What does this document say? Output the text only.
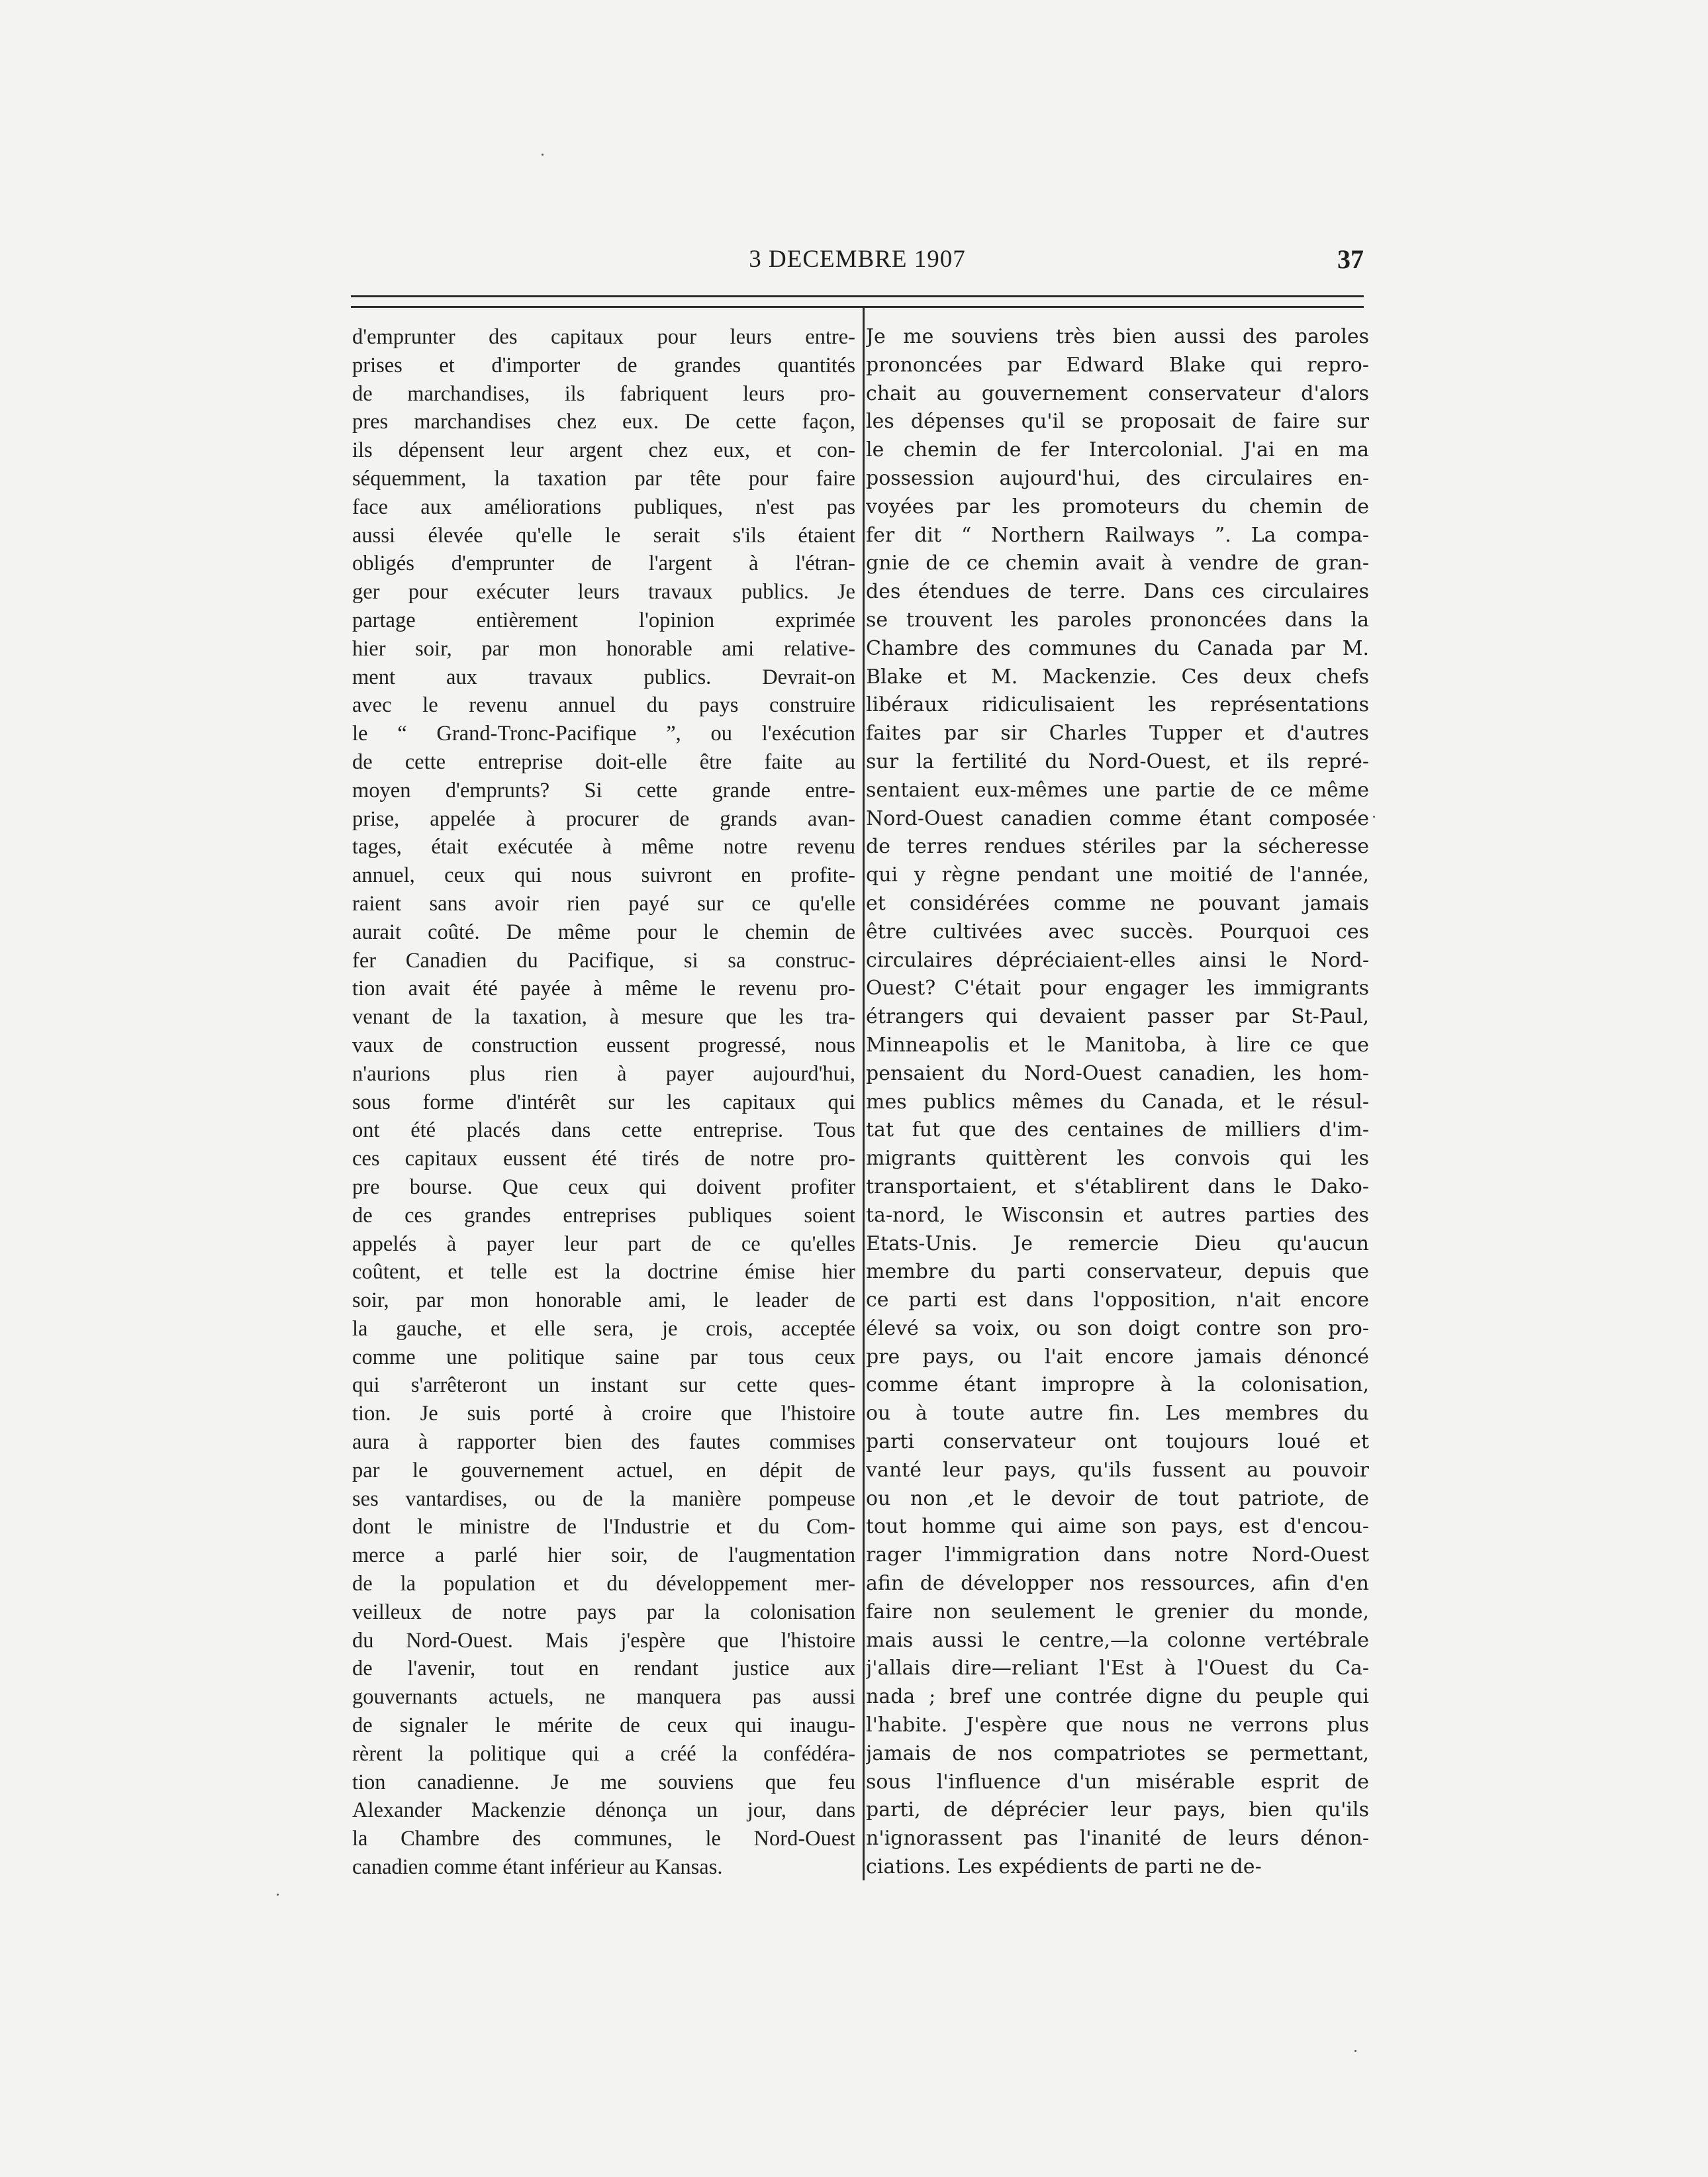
3 DECEMBRE 1907	37
d'emprunter des capitaux pour leurs entre-
prises et d'importer de grandes quantités
de marchandises, ils fabriquent leurs pro-
pres marchandises chez eux. De cette façon,
ils dépensent leur argent chez eux, et con-
séquemment, la taxation par tête pour faire
face aux améliorations publiques, n'est pas
aussi élevée qu'elle le serait s'ils étaient
obligés d'emprunter de l'argent à l'étran-
ger pour exécuter leurs travaux publics. Je
partage entièrement l'opinion exprimée
hier soir, par mon honorable ami relative-
ment aux travaux publics. Devrait-on
avec le revenu annuel du pays construire
le “ Grand-Tronc-Pacifique ”, ou l'exécution
de cette entreprise doit-elle être faite au
moyen d'emprunts? Si cette grande entre-
prise, appelée à procurer de grands avan-
tages, était exécutée à même notre revenu
annuel, ceux qui nous suivront en profite-
raient sans avoir rien payé sur ce qu'elle
aurait coûté. De même pour le chemin de
fer Canadien du Pacifique, si sa construc-
tion avait été payée à même le revenu pro-
venant de la taxation, à mesure que les tra-
vaux de construction eussent progressé, nous
n'aurions plus rien à payer aujourd'hui,
sous forme d'intérêt sur les capitaux qui
ont été placés dans cette entreprise. Tous
ces capitaux eussent été tirés de notre pro-
pre bourse. Que ceux qui doivent profiter
de ces grandes entreprises publiques soient
appelés à payer leur part de ce qu'elles
coûtent, et telle est la doctrine émise hier
soir, par mon honorable ami, le leader de
la gauche, et elle sera, je crois, acceptée
comme une politique saine par tous ceux
qui s'arrêteront un instant sur cette ques-
tion. Je suis porté à croire que l'histoire
aura à rapporter bien des fautes commises
par le gouvernement actuel, en dépit de
ses vantardises, ou de la manière pompeuse
dont le ministre de l'Industrie et du Com-
merce a parlé hier soir, de l'augmentation
de la population et du développement mer-
veilleux de notre pays par la colonisation
du Nord-Ouest. Mais j'espère que l'histoire
de l'avenir, tout en rendant justice aux
gouvernants actuels, ne manquera pas aussi
de signaler le mérite de ceux qui inaugu-
rèrent la politique qui a créé la confédéra-
tion canadienne. Je me souviens que feu
Alexander Mackenzie dénonça un jour, dans
la Chambre des communes, le Nord-Ouest
canadien comme étant inférieur au Kansas.
Je me souviens très bien aussi des paroles
prononcées par Edward Blake qui repro-
chait au gouvernement conservateur d'alors
les dépenses qu'il se proposait de faire sur
le chemin de fer Intercolonial. J'ai en ma
possession aujourd'hui, des circulaires en-
voyées par les promoteurs du chemin de
fer dit “ Northern Railways ”. La compa-
gnie de ce chemin avait à vendre de gran-
des étendues de terre. Dans ces circulaires
se trouvent les paroles prononcées dans la
Chambre des communes du Canada par M.
Blake et M. Mackenzie. Ces deux chefs
libéraux ridiculisaient les représentations
faites par sir Charles Tupper et d'autres
sur la fertilité du Nord-Ouest, et ils repré-
sentaient eux-mêmes une partie de ce même
Nord-Ouest canadien comme étant composée
de terres rendues stériles par la sécheresse
qui y règne pendant une moitié de l'année,
et considérées comme ne pouvant jamais
être cultivées avec succès. Pourquoi ces
circulaires dépréciaient-elles ainsi le Nord-
Ouest? C'était pour engager les immigrants
étrangers qui devaient passer par St-Paul,
Minneapolis et le Manitoba, à lire ce que
pensaient du Nord-Ouest canadien, les hom-
mes publics mêmes du Canada, et le résul-
tat fut que des centaines de milliers d'im-
migrants quittèrent les convois qui les
transportaient, et s'établirent dans le Dako-
ta-nord, le Wisconsin et autres parties des
Etats-Unis. Je remercie Dieu qu'aucun
membre du parti conservateur, depuis que
ce parti est dans l'opposition, n'ait encore
élevé sa voix, ou son doigt contre son pro-
pre pays, ou l'ait encore jamais dénoncé
comme étant impropre à la colonisation,
ou à toute autre fin. Les membres du
parti conservateur ont toujours loué et
vanté leur pays, qu'ils fussent au pouvoir
ou non ,et le devoir de tout patriote, de
tout homme qui aime son pays, est d'encou-
rager l'immigration dans notre Nord-Ouest
afin de développer nos ressources, afin d'en
faire non seulement le grenier du monde,
mais aussi le centre,—la colonne vertébrale
j'allais dire—reliant l'Est à l'Ouest du Ca-
nada ; bref une contrée digne du peuple qui
l'habite. J'espère que nous ne verrons plus
jamais de nos compatriotes se permettant,
sous l'influence d'un misérable esprit de
parti, de déprécier leur pays, bien qu'ils
n'ignorassent pas l'inanité de leurs dénon-
ciations. Les expédients de parti ne de-
